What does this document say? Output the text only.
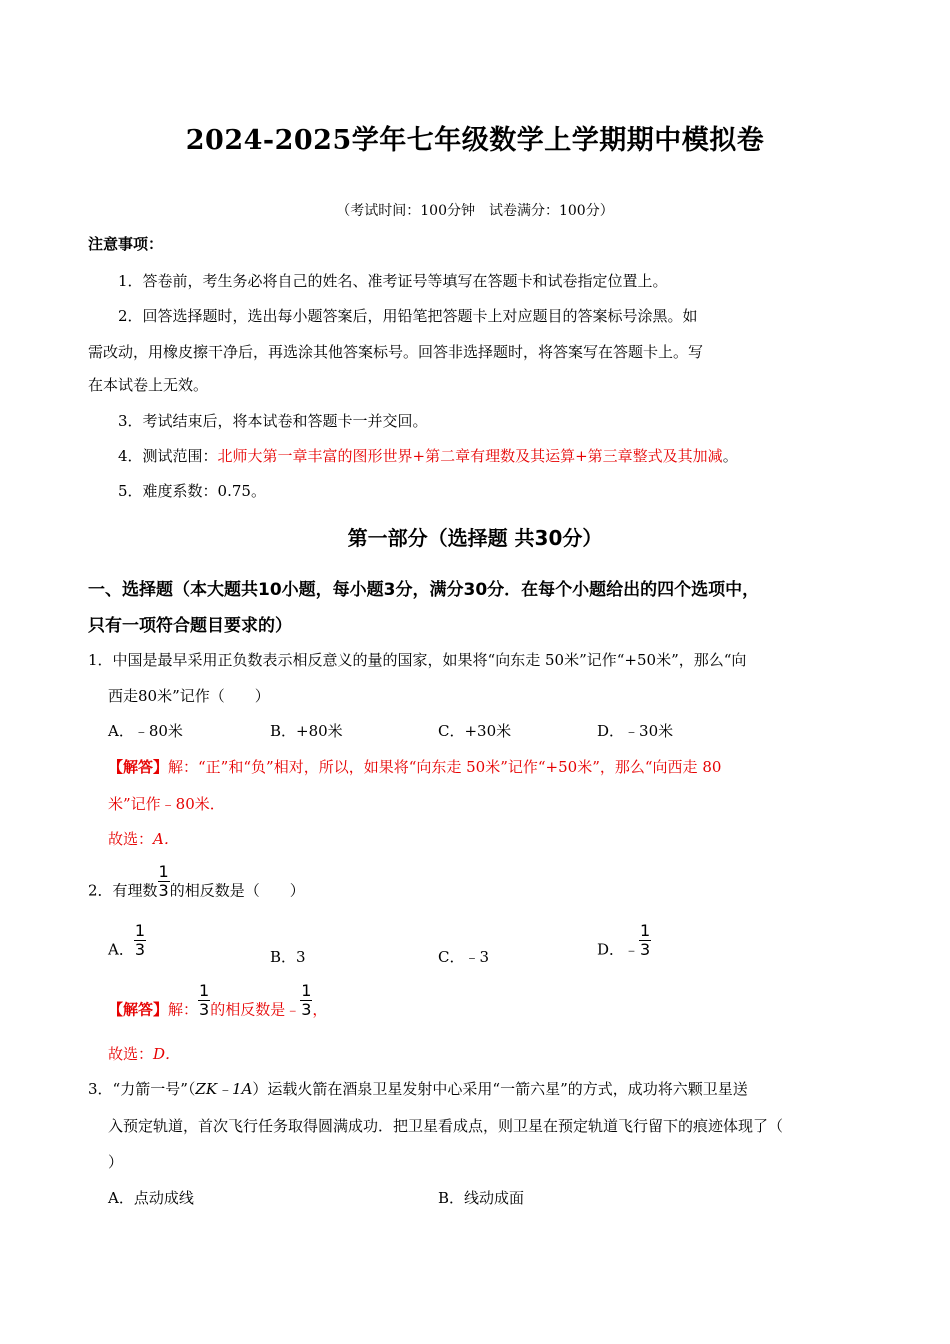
2024-2025学年七年级数学上学期期中模拟卷
（考试时间：100分钟　试卷满分：100分）
注意事项：
1．答卷前，考生务必将自己的姓名、准考证号等填写在答题卡和试卷指定位置上。
2．回答选择题时，选出每小题答案后，用铅笔把答题卡上对应题目的答案标号涂黑。如
需改动，用橡皮擦干净后，再选涂其他答案标号。回答非选择题时，将答案写在答题卡上。写
在本试卷上无效。
3．考试结束后，将本试卷和答题卡一并交回。
4．测试范围：北师大第一章丰富的图形世界+第二章有理数及其运算+第三章整式及其加减。
5．难度系数：0.75。
第一部分（选择题 共30分）
一、选择题（本大题共10小题，每小题3分，满分30分．在每个小题给出的四个选项中，
只有一项符合题目要求的）
1．中国是最早采用正负数表示相反意义的量的国家，如果将“向东走 50米”记作“+50米”，那么“向
西走80米”记作（　　）
A．﹣80米	B．+80米	C．+30米	D．﹣30米
【解答】解：“正”和“负”相对，所以，如果将“向东走 50米”记作“+50米”，那么“向西走 80
米”记作﹣80米．
故选：A．
2．有理数 $\frac{1}{3}$ 的相反数是（　　）
A． $\frac{1}{3}$	B．3	C．﹣3	D．﹣ $\frac{1}{3}$
【解答】解： $\frac{1}{3}$ 的相反数是﹣ $\frac{1}{3}$ ，
故选：D．
3．“力箭一号”（ZK﹣1A）运载火箭在酒泉卫星发射中心采用“一箭六星”的方式，成功将六颗卫星送
入预定轨道，首次飞行任务取得圆满成功．把卫星看成点，则卫星在预定轨道飞行留下的痕迹体现了（
）
A．点动成线	B．线动成面
